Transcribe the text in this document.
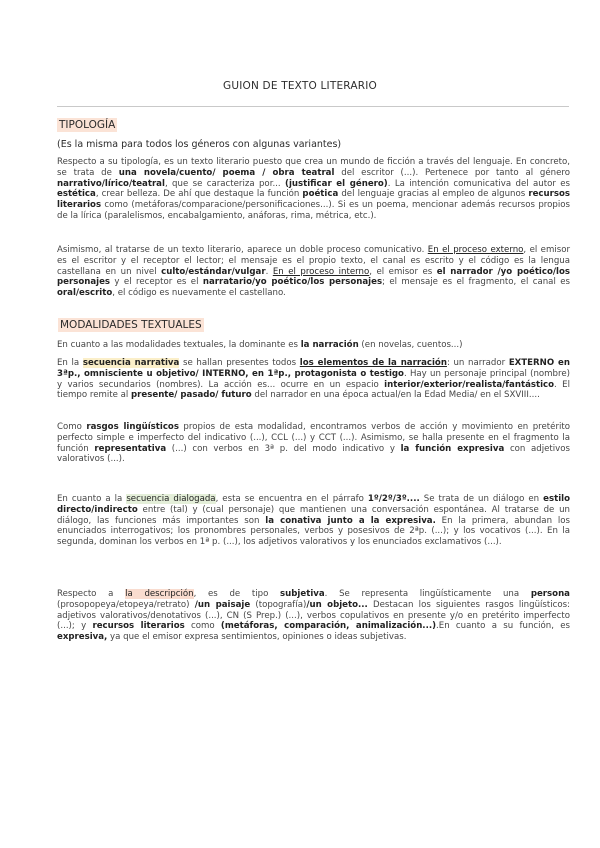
GUION DE TEXTO LITERARIO
TIPOLOGÍA
(Es la misma para todos los géneros con algunas variantes)

Respecto a su tipología, es un texto literario puesto que crea un mundo de ficción a través del lenguaje. En concreto, se trata de una novela/cuento/ poema / obra teatral del escritor (...). Pertenece por tanto al género narrativo/lírico/teatral, que se caracteriza por... (justificar el género). La intención comunicativa del autor es estética, crear belleza. De ahí que destaque la función poética del lenguaje gracias al empleo de algunos recursos literarios como (metáforas/comparacione/personificaciones...). Si es un poema, mencionar además recursos propios de la lírica (paralelismos, encabalgamiento, anáforas, rima, métrica, etc.).

Asimismo, al tratarse de un texto literario, aparece un doble proceso comunicativo. En el proceso externo, el emisor es el escritor y el receptor el lector; el mensaje es el propio texto, el canal es escrito y el código es la lengua castellana en un nivel culto/estándar/vulgar. En el proceso interno, el emisor es el narrador /yo poético/los personajes y el receptor es el narratario/yo poético/los personajes; el mensaje es el fragmento, el canal es oral/escrito, el código es nuevamente el castellano.

MODALIDADES TEXTUALES

En cuanto a las modalidades textuales, la dominante es la narración (en novelas, cuentos...)

En la secuencia narrativa se hallan presentes todos los elementos de la narración: un narrador EXTERNO en 3ªp., omnisciente u objetivo/ INTERNO, en 1ªp., protagonista o testigo. Hay un personaje principal (nombre) y varios secundarios (nombres). La acción es... ocurre en un espacio interior/exterior/realista/fantástico. El tiempo remite al presente/ pasado/ futuro del narrador en una época actual/en la Edad Media/ en el SXVIII....

Como rasgos lingüísticos propios de esta modalidad, encontramos verbos de acción y movimiento en pretérito perfecto simple e imperfecto del indicativo (...), CCL (...) y CCT (...). Asimismo, se halla presente en el fragmento la función representativa (...) con verbos en 3ª p. del modo indicativo y la función expresiva con adjetivos valorativos (...).

En cuanto a la secuencia dialogada, esta se encuentra en el párrafo 1º/2º/3º.... Se trata de un diálogo en estilo directo/indirecto entre (tal) y (cual personaje) que mantienen una conversación espontánea. Al tratarse de un diálogo, las funciones más importantes son la conativa junto a la expresiva. En la primera, abundan los enunciados interrogativos; los pronombres personales, verbos y posesivos de 2ªp. (...); y los vocativos (...). En la segunda, dominan los verbos en 1ª p. (...), los adjetivos valorativos y los enunciados exclamativos (...).

Respecto a la descripción, es de tipo subjetiva. Se representa lingüísticamente una persona (prosopopeya/etopeya/retrato) /un paisaje (topografía)/un objeto... Destacan los siguientes rasgos lingüísticos: adjetivos valorativos/denotativos (...), CN (S Prep.) (...), verbos copulativos en presente y/o en pretérito imperfecto (...); y recursos literarios como (metáforas, comparación, animalización...).En cuanto a su función, es expresiva, ya que el emisor expresa sentimientos, opiniones o ideas subjetivas.
